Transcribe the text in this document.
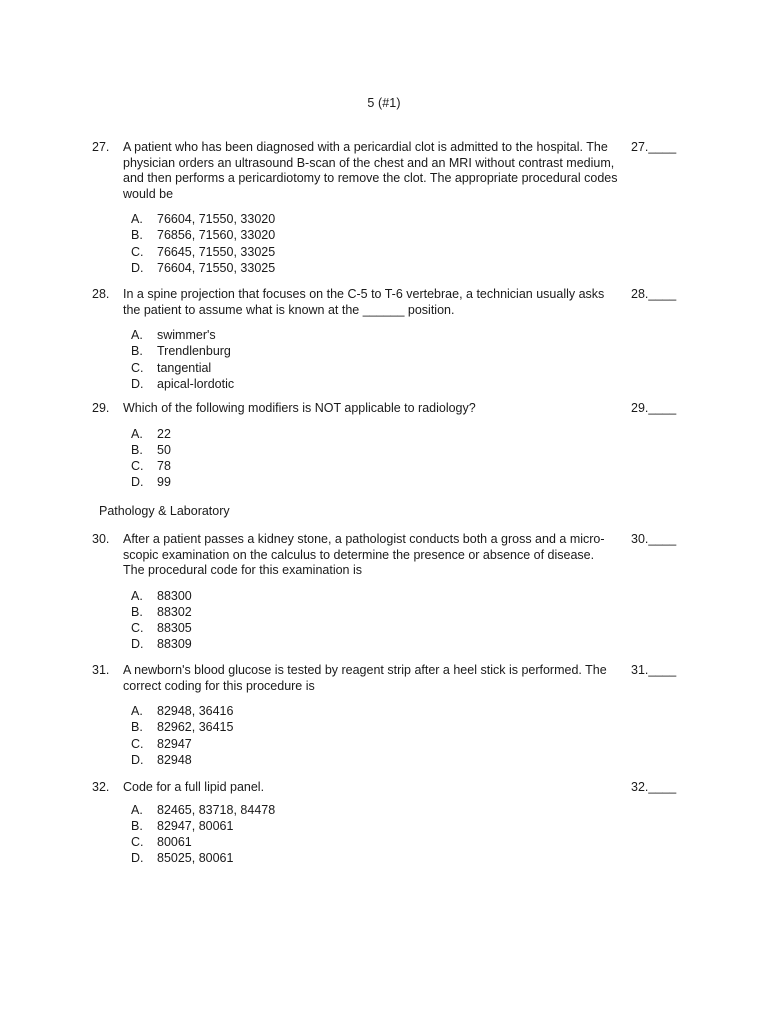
5 (#1)
27.	A patient who has been diagnosed with a pericardial clot is admitted to the hospital. The physician orders an ultrasound B-scan of the chest and an MRI without contrast medium, and then performs a pericardiotomy to remove the clot. The appropriate procedural codes would be
27.____
A.	76604, 71550, 33020
B.	76856, 71560, 33020
C.	76645, 71550, 33025
D.	76604, 71550, 33025
28.	In a spine projection that focuses on the C-5 to T-6 vertebrae, a technician usually asks the patient to assume what is known at the ______ position.
28.____
A.	swimmer's
B.	Trendlenburg
C.	tangential
D.	apical-lordotic
29.	Which of the following modifiers is NOT applicable to radiology?	29.____
A.	22
B.	50
C.	78
D.	99
Pathology & Laboratory
30.	After a patient passes a kidney stone, a pathologist conducts both a gross and a micro-scopic examination on the calculus to determine the presence or absence of disease. The procedural code for this examination is
30.____
A.	88300
B.	88302
C.	88305
D.	88309
31.	A newborn's blood glucose is tested by reagent strip after a heel stick is performed. The correct coding for this procedure is
31.____
A.	82948, 36416
B.	82962, 36415
C.	82947
D.	82948
32.	Code for a full lipid panel.	32.____
A.	82465, 83718, 84478
B.	82947, 80061
C.	80061
D.	85025, 80061
